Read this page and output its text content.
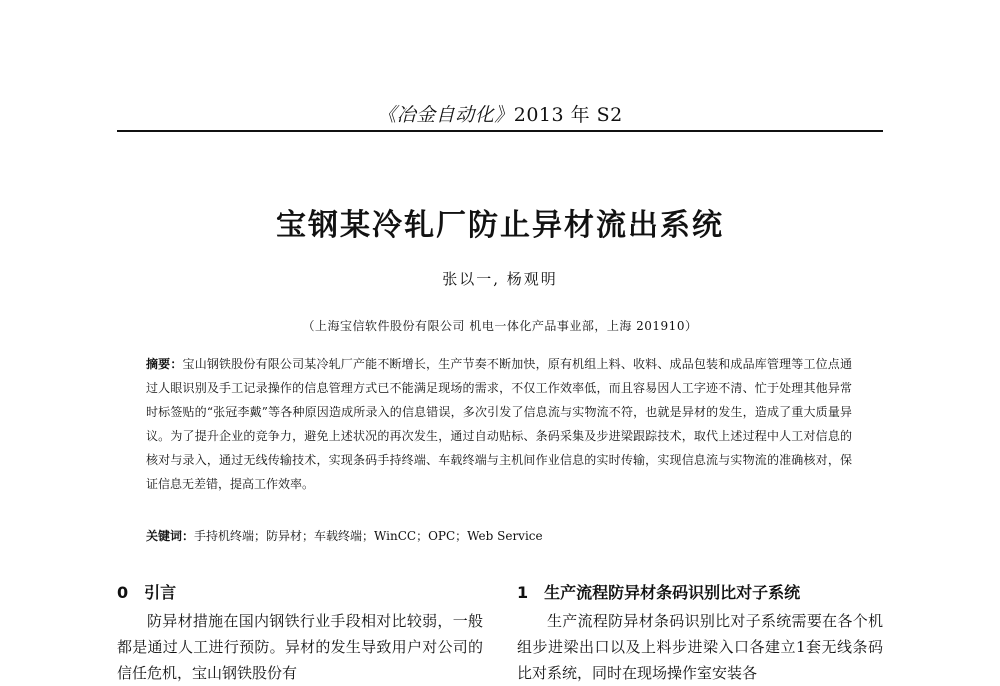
《冶金自动化》2013 年 S2
宝钢某冷轧厂防止异材流出系统
张以一, 杨观明
（上海宝信软件股份有限公司 机电一体化产品事业部，上海 201910）
摘要：宝山钢铁股份有限公司某冷轧厂产能不断增长，生产节奏不断加快，原有机组上料、收料、成品包装和成品库管理等工位点通过人眼识别及手工记录操作的信息管理方式已不能满足现场的需求，不仅工作效率低，而且容易因人工字迹不清、忙于处理其他异常时标签贴的“张冠李戴”等各种原因造成所录入的信息错误，多次引发了信息流与实物流不符，也就是异材的发生，造成了重大质量异议。为了提升企业的竞争力，避免上述状况的再次发生，通过自动贴标、条码采集及步进梁跟踪技术，取代上述过程中人工对信息的核对与录入，通过无线传输技术，实现条码手持终端、车载终端与主机间作业信息的实时传输，实现信息流与实物流的准确核对，保证信息无差错，提高工作效率。
关键词：手持机终端；防异材；车载终端；WinCC；OPC；Web Service
0 引言	1 生产流程防异材条码识别比对子系统

防异材措施在国内钢铁行业手段相对比较弱，一般都是通过人工进行预防。异材的发生导致用户对公司的信任危机，宝山钢铁股份有

生产流程防异材条码识别比对子系统需要在各个机组步进梁出口以及上料步进梁入口各建立1套无线条码比对系统，同时在现场操作室安装各
